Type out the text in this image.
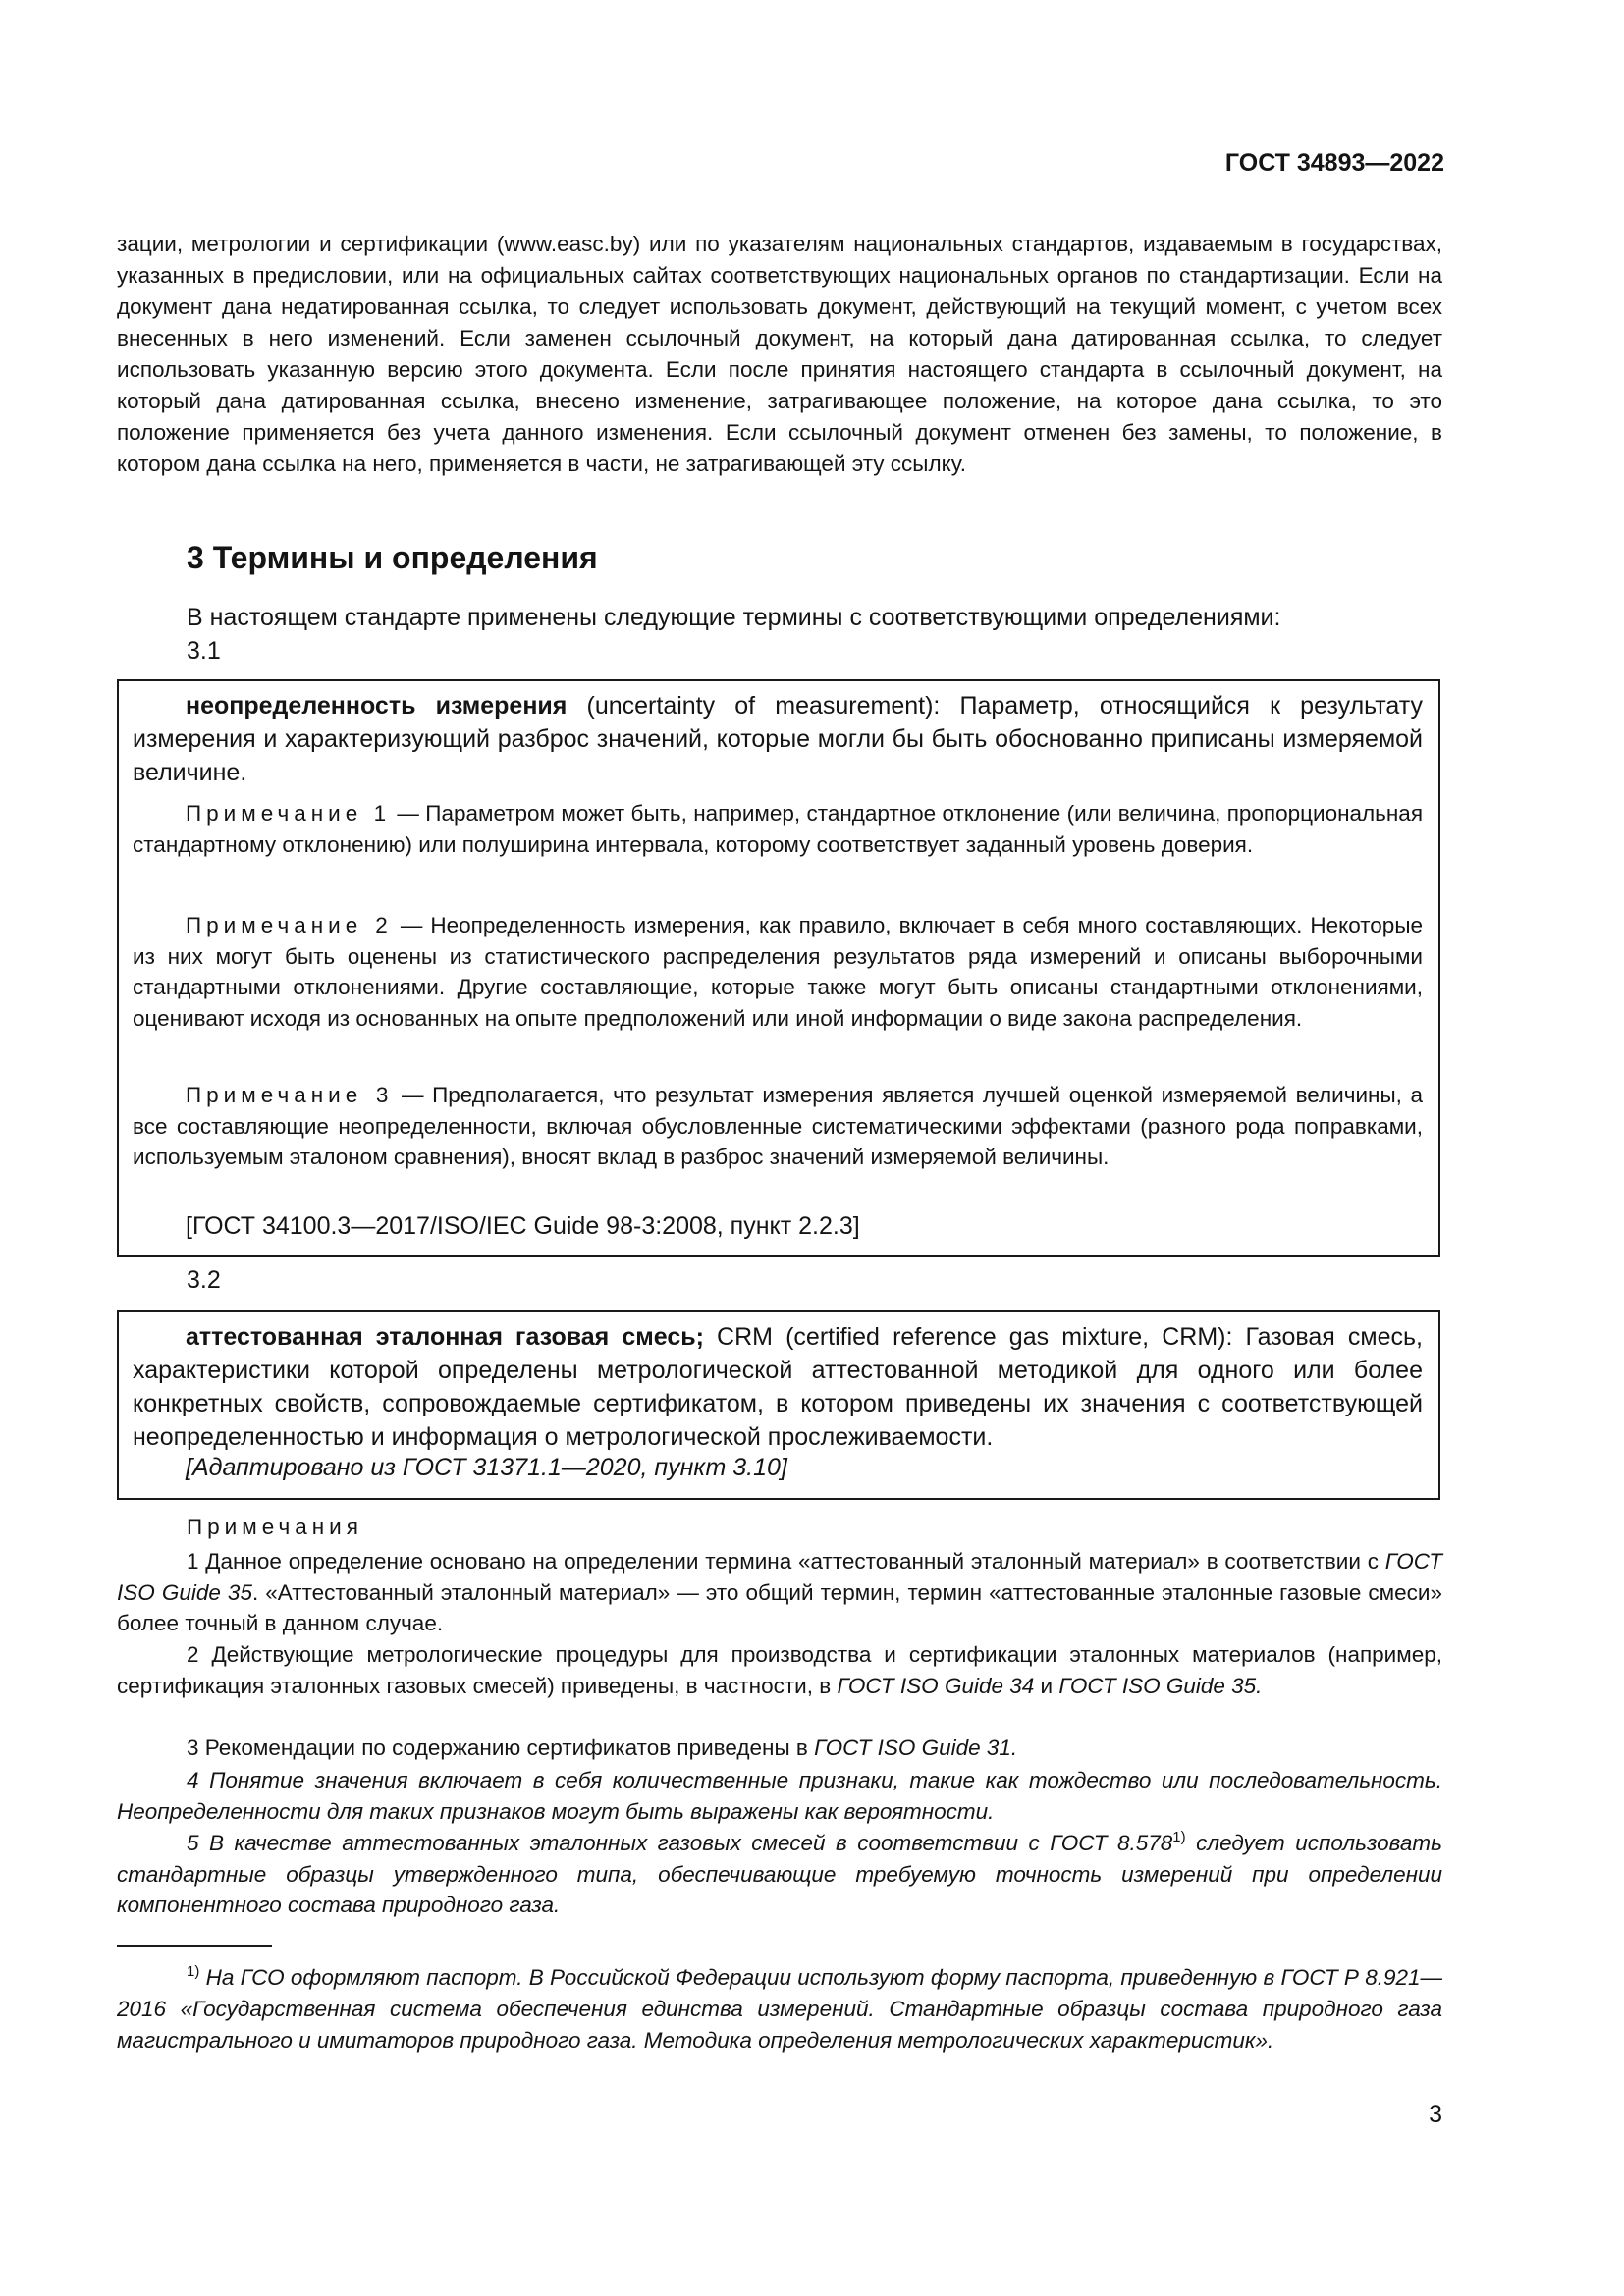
ГОСТ 34893—2022
зации, метрологии и сертификации (www.easc.by) или по указателям национальных стандартов, издаваемым в государствах, указанных в предисловии, или на официальных сайтах соответствующих национальных органов по стандартизации. Если на документ дана недатированная ссылка, то следует использовать документ, действующий на текущий момент, с учетом всех внесенных в него изменений. Если заменен ссылочный документ, на который дана датированная ссылка, то следует использовать указанную версию этого документа. Если после принятия настоящего стандарта в ссылочный документ, на который дана датированная ссылка, внесено изменение, затрагивающее положение, на которое дана ссылка, то это положение применяется без учета данного изменения. Если ссылочный документ отменен без замены, то положение, в котором дана ссылка на него, применяется в части, не затрагивающей эту ссылку.
3 Термины и определения
В настоящем стандарте применены следующие термины с соответствующими определениями:
3.1
неопределенность измерения (uncertainty of measurement): Параметр, относящийся к результату измерения и характеризующий разброс значений, которые могли бы быть обоснованно приписаны измеряемой величине.
Примечание 1 — Параметром может быть, например, стандартное отклонение (или величина, пропорциональная стандартному отклонению) или полуширина интервала, которому соответствует заданный уровень доверия.
Примечание 2 — Неопределенность измерения, как правило, включает в себя много составляющих. Некоторые из них могут быть оценены из статистического распределения результатов ряда измерений и описаны выборочными стандартными отклонениями. Другие составляющие, которые также могут быть описаны стандартными отклонениями, оценивают исходя из основанных на опыте предположений или иной информации о виде закона распределения.
Примечание 3 — Предполагается, что результат измерения является лучшей оценкой измеряемой величины, а все составляющие неопределенности, включая обусловленные систематическими эффектами (разного рода поправками, используемым эталоном сравнения), вносят вклад в разброс значений измеряемой величины.
[ГОСТ 34100.3—2017/ISO/IEC Guide 98-3:2008, пункт 2.2.3]
3.2
аттестованная эталонная газовая смесь; CRM (certified reference gas mixture, CRM): Газовая смесь, характеристики которой определены метрологической аттестованной методикой для одного или более конкретных свойств, сопровождаемые сертификатом, в котором приведены их значения с соответствующей неопределенностью и информация о метрологической прослеживаемости.
[Адаптировано из ГОСТ 31371.1—2020, пункт 3.10]
Примечания
1 Данное определение основано на определении термина «аттестованный эталонный материал» в соответствии с ГОСТ ISO Guide 35. «Аттестованный эталонный материал» — это общий термин, термин «аттестованные эталонные газовые смеси» более точный в данном случае.
2 Действующие метрологические процедуры для производства и сертификации эталонных материалов (например, сертификация эталонных газовых смесей) приведены, в частности, в ГОСТ ISO Guide 34 и ГОСТ ISO Guide 35.
3 Рекомендации по содержанию сертификатов приведены в ГОСТ ISO Guide 31.
4 Понятие значения включает в себя количественные признаки, такие как тождество или последовательность. Неопределенности для таких признаков могут быть выражены как вероятности.
5 В качестве аттестованных эталонных газовых смесей в соответствии с ГОСТ 8.578$^{1)}$ следует использовать стандартные образцы утвержденного типа, обеспечивающие требуемую точность измерений при определении компонентного состава природного газа.
$^{1)}$ На ГСО оформляют паспорт. В Российской Федерации используют форму паспорта, приведенную в ГОСТ Р 8.921—2016 «Государственная система обеспечения единства измерений. Стандартные образцы состава природного газа магистрального и имитаторов природного газа. Методика определения метрологических характеристик».
3
